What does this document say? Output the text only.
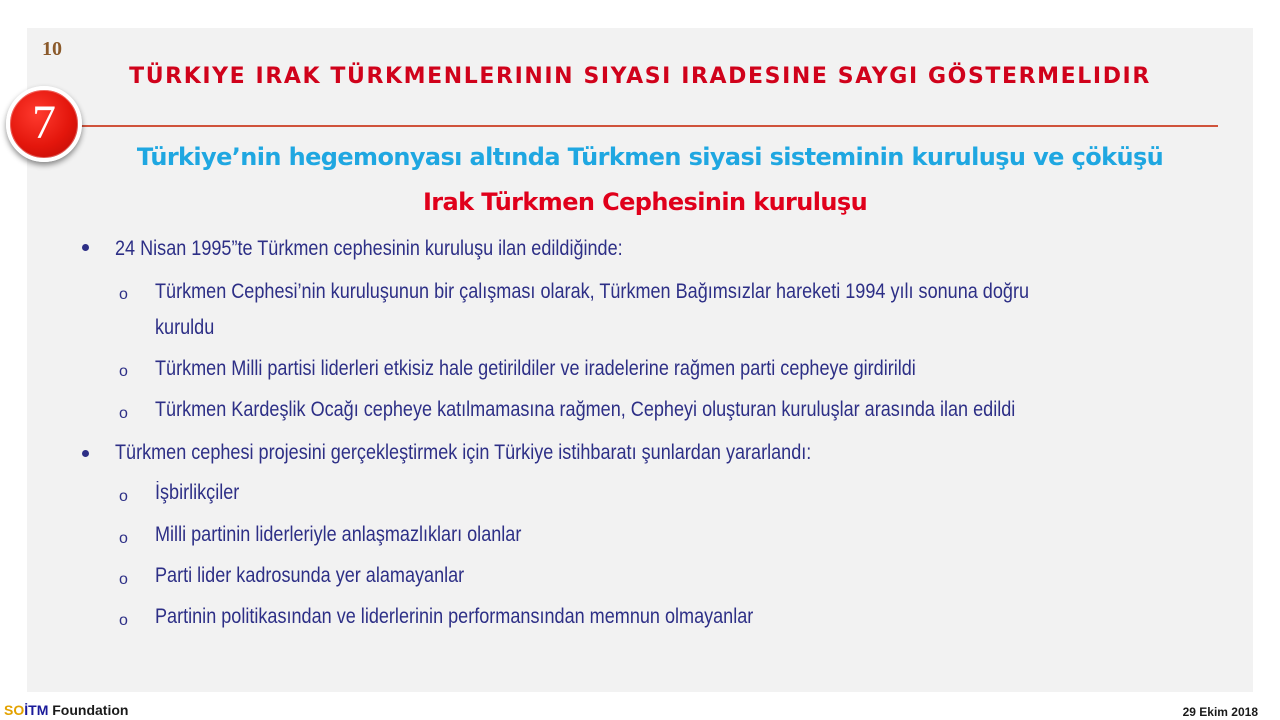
10
TÜRKIYE IRAK TÜRKMENLERININ SIYASI IRADESINE SAYGI GÖSTERMELIDIR
7
Türkiye’nin hegemonyası altında Türkmen siyasi sisteminin kuruluşu ve çöküşü
Irak Türkmen Cephesinin kuruluşu
24 Nisan 1995”te Türkmen cephesinin kuruluşu ilan edildiğinde:
o Türkmen Cephesi’nin kuruluşunun bir çalışması olarak, Türkmen Bağımsızlar hareketi 1994 yılı sonuna doğru
kuruldu
o Türkmen Milli partisi liderleri etkisiz hale getirildiler ve iradelerine rağmen parti cepheye girdirildi
o Türkmen Kardeşlik Ocağı cepheye katılmamasına rağmen, Cepheyi oluşturan kuruluşlar arasında ilan edildi
Türkmen cephesi projesini gerçekleştirmek için Türkiye istihbaratı şunlardan yararlandı:
o İşbirlikçiler
o Milli partinin liderleriyle anlaşmazlıkları olanlar
o Parti lider kadrosunda yer alamayanlar
o Partinin politikasından ve liderlerinin performansından memnun olmayanlar
SOİTM Foundation	29 Ekim 2018
